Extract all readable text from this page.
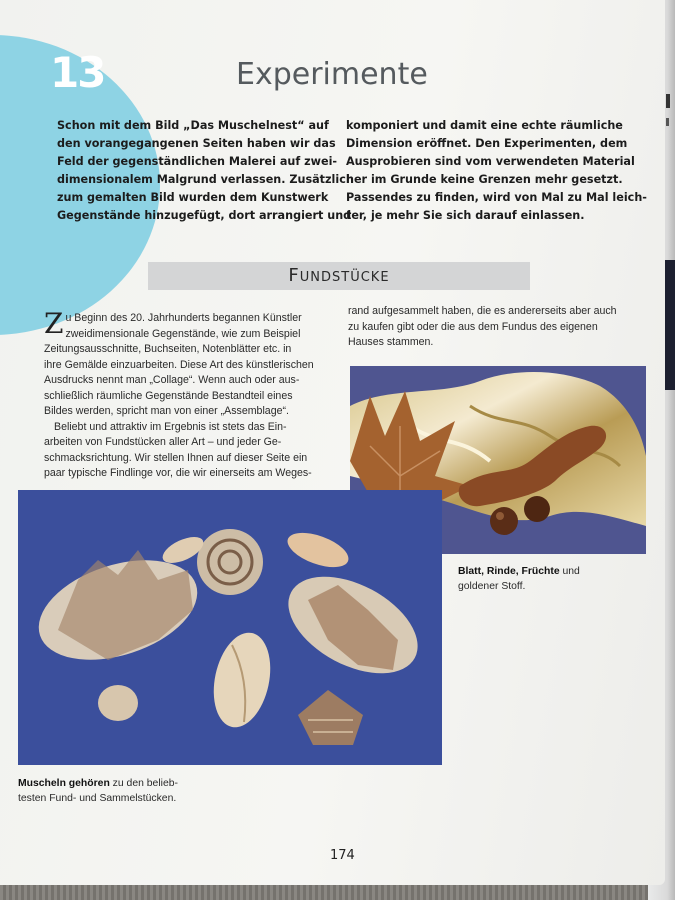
13	Experimente
Schon mit dem Bild „Das Muschelnest“ auf
den vorangegangenen Seiten haben wir das
Feld der gegenständlichen Malerei auf zwei-
dimensionalem Malgrund verlassen. Zusätzlich
zum gemalten Bild wurden dem Kunstwerk
Gegenstände hinzugefügt, dort arrangiert und
komponiert und damit eine echte räumliche
Dimension eröffnet. Den Experimenten, dem
Ausprobieren sind vom verwendeten Material
her im Grunde keine Grenzen mehr gesetzt.
Passendes zu finden, wird von Mal zu Mal leich-
ter, je mehr Sie sich darauf einlassen.
Fundstücke
Z u Beginn des 20. Jahrhunderts begannen Künstler
zweidimensionale Gegenstände, wie zum Beispiel
Zeitungsausschnitte, Buchseiten, Notenblätter etc. in
ihre Gemälde einzuarbeiten. Diese Art des künstlerischen
Ausdrucks nennt man „Collage“. Wenn auch oder aus-
schließlich räumliche Gegenstände Bestandteil eines
Bildes werden, spricht man von einer „Assemblage“.
Beliebt und attraktiv im Ergebnis ist stets das Ein-
arbeiten von Fundstücken aller Art – und jeder Ge-
schmacksrichtung. Wir stellen Ihnen auf dieser Seite ein
paar typische Findlinge vor, die wir einerseits am Weges-
rand aufgesammelt haben, die es andererseits aber auch
zu kaufen gibt oder die aus dem Fundus des eigenen
Hauses stammen.
Blatt, Rinde, Früchte und
goldener Stoff.
Muscheln gehören zu den belieb-
testen Fund- und Sammelstücken.
174
